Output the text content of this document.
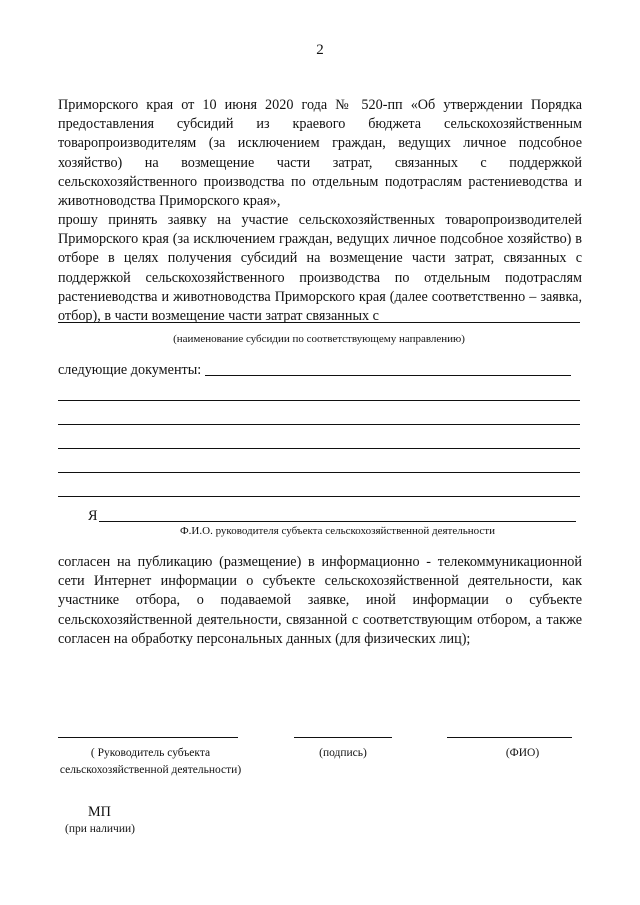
2
Приморского края от 10 июня 2020 года № 520-пп «Об утверждении Порядка
предоставления субсидий из краевого бюджета сельскохозяйственным
товаропроизводителям (за исключением граждан, ведущих личное подсобное
хозяйство) на возмещение части затрат, связанных с поддержкой
сельскохозяйственного производства по отдельным подотраслям растениеводства и
животноводства Приморского края»,
прошу принять заявку на участие сельскохозяйственных товаропроизводителей
Приморского края (за исключением граждан, ведущих личное подсобное хозяйство) в
отборе в целях получения субсидий на возмещение части затрат, связанных с
поддержкой сельскохозяйственного производства по отдельным подотраслям
растениеводства и животноводства Приморского края (далее соответственно – заявка,
отбор), в части возмещение части затрат связанных с
(наименование субсидии по соответствующему направлению)
следующие документы:
Я
Ф.И.О. руководителя субъекта сельскохозяйственной деятельности
согласен на публикацию (размещение) в информационно - телекоммуникационной
сети Интернет информации о субъекте сельскохозяйственной деятельности, как
участнике отбора, о подаваемой заявке, иной информации о субъекте
сельскохозяйственной деятельности, связанной с соответствующим отбором, а также
согласен на обработку персональных данных (для физических лиц);
( Руководитель субъекта
сельскохозяйственной деятельности)
(подпись)	(ФИО)
МП
(при наличии)
